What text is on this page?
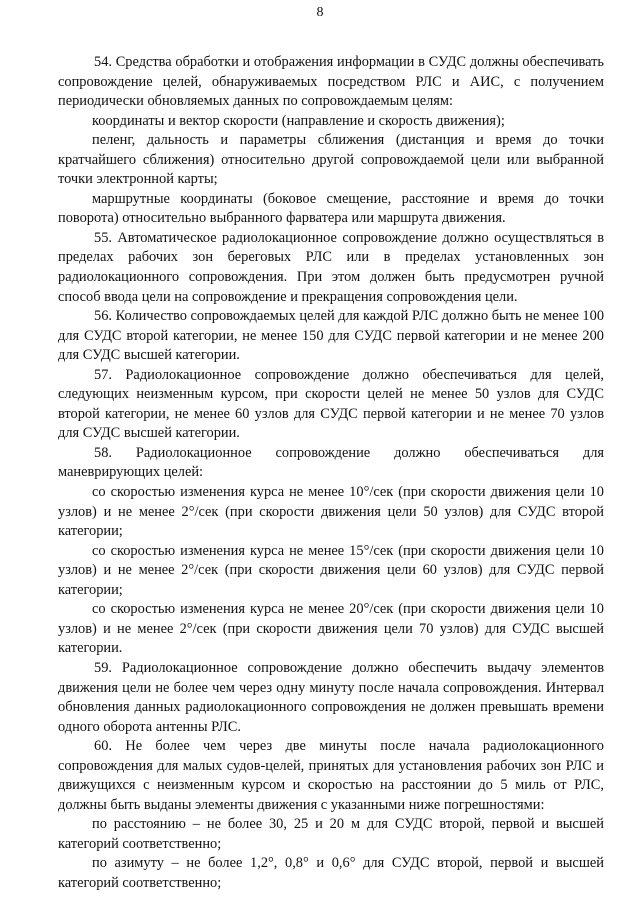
8

54. Средства обработки и отображения информации в СУДС должны обеспечивать сопровождение целей, обнаруживаемых посредством РЛС и АИС, с получением периодически обновляемых данных по сопровождаемым целям:

координаты и вектор скорости (направление и скорость движения);

пеленг, дальность и параметры сближения (дистанция и время до точки кратчайшего сближения) относительно другой сопровождаемой цели или выбранной точки электронной карты;

маршрутные координаты (боковое смещение, расстояние и время до точки поворота) относительно выбранного фарватера или маршрута движения.

55. Автоматическое радиолокационное сопровождение должно осуществляться в пределах рабочих зон береговых РЛС или в пределах установленных зон радиолокационного сопровождения. При этом должен быть предусмотрен ручной способ ввода цели на сопровождение и прекращения сопровождения цели.

56. Количество сопровождаемых целей для каждой РЛС должно быть не менее 100 для СУДС второй категории, не менее 150 для СУДС первой категории и не менее 200 для СУДС высшей категории.

57. Радиолокационное сопровождение должно обеспечиваться для целей, следующих неизменным курсом, при скорости целей не менее 50 узлов для СУДС второй категории, не менее 60 узлов для СУДС первой категории и не менее 70 узлов для СУДС высшей категории.

58. Радиолокационное сопровождение должно обеспечиваться для маневрирующих целей:

со скоростью изменения курса не менее 10°/сек (при скорости движения цели 10 узлов) и не менее 2°/сек (при скорости движения цели 50 узлов) для СУДС второй категории;

со скоростью изменения курса не менее 15°/сек (при скорости движения цели 10 узлов) и не менее 2°/сек (при скорости движения цели 60 узлов) для СУДС первой категории;

со скоростью изменения курса не менее 20°/сек (при скорости движения цели 10 узлов) и не менее 2°/сек (при скорости движения цели 70 узлов) для СУДС высшей категории.

59. Радиолокационное сопровождение должно обеспечить выдачу элементов движения цели не более чем через одну минуту после начала сопровождения. Интервал обновления данных радиолокационного сопровождения не должен превышать времени одного оборота антенны РЛС.

60. Не более чем через две минуты после начала радиолокационного сопровождения для малых судов-целей, принятых для установления рабочих зон РЛС и движущихся с неизменным курсом и скоростью на расстоянии до 5 миль от РЛС, должны быть выданы элементы движения с указанными ниже погрешностями:

по расстоянию – не более 30, 25 и 20 м для СУДС второй, первой и высшей категорий соответственно;

по азимуту – не более 1,2°, 0,8° и 0,6° для СУДС второй, первой и высшей категорий соответственно;
